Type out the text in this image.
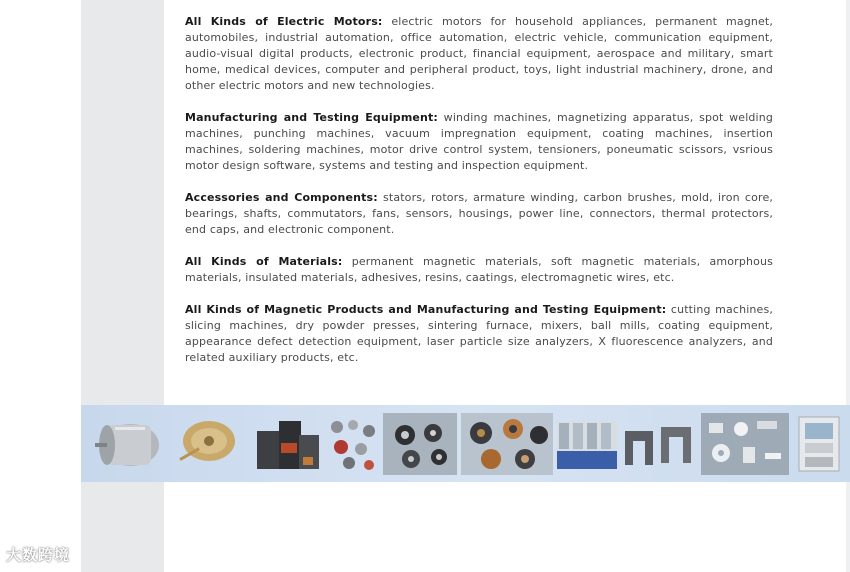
All Kinds of Electric Motors: electric motors for household appliances, permanent magnet, automobiles, industrial automation, office automation, electric vehicle, communication equipment, audio-visual digital products, electronic product, financial equipment, aerospace and military, smart home, medical devices, computer and peripheral product, toys, light industrial machinery, drone, and other electric motors and new technologies.

Manufacturing and Testing Equipment: winding machines, magnetizing apparatus, spot welding machines, punching machines, vacuum impregnation equipment, coating machines, insertion machines, soldering machines, motor drive control system, tensioners, poneumatic scissors, vsrious motor design software, systems and testing and inspection equipment.

Accessories and Components: stators, rotors, armature winding, carbon brushes, mold, iron core, bearings, shafts, commutators, fans, sensors, housings, power line, connectors, thermal protectors, end caps, and electronic component.

All Kinds of Materials: permanent magnetic materials, soft magnetic materials, amorphous materials, insulated materials, adhesives, resins, caatings, electromagnetic wires, etc.

All Kinds of Magnetic Products and Manufacturing and Testing Equipment: cutting machines, slicing machines, dry powder presses, sintering furnace, mixers, ball mills, coating equipment, appearance defect detection equipment, laser particle size analyzers, X fluorescence analyzers, and related auxiliary products, etc.

大数跨境
